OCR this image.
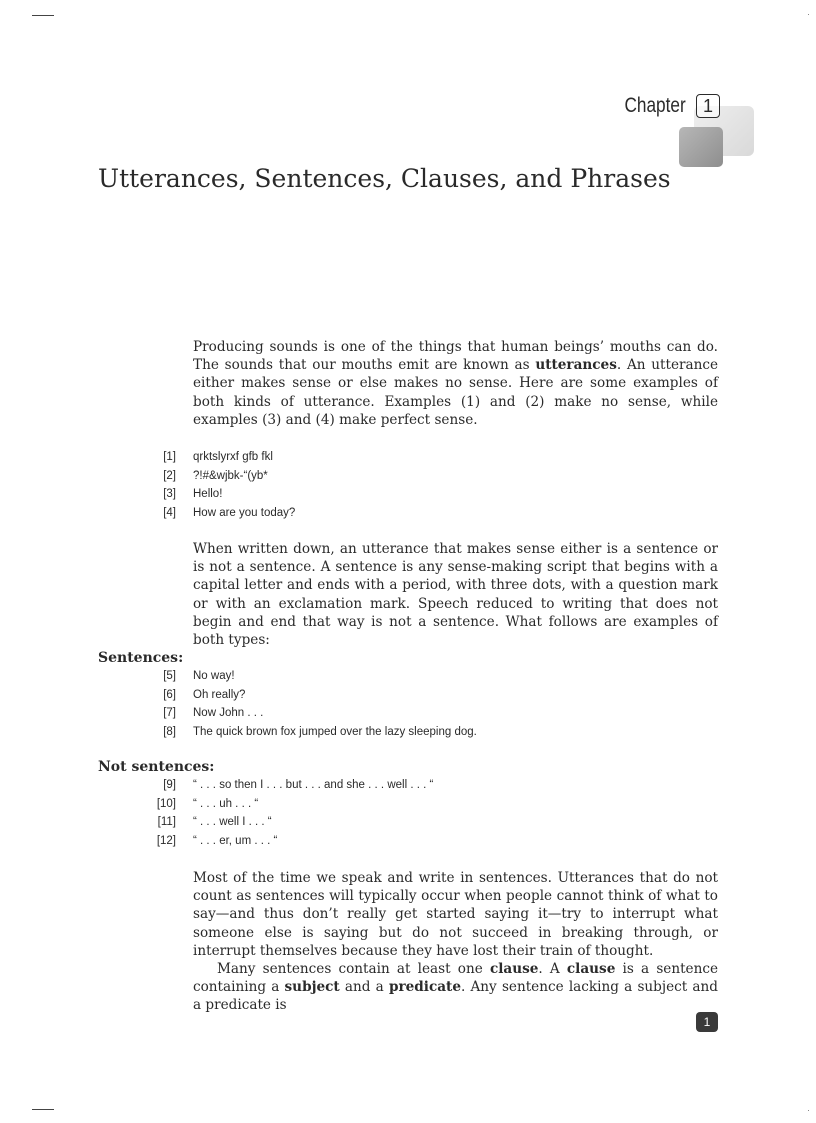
Chapter 1
Utterances, Sentences, Clauses, and Phrases

Producing sounds is one of the things that human beings’ mouths can do. The sounds that our mouths emit are known as utterances. An utterance either makes sense or else makes no sense. Here are some examples of both kinds of utterance. Examples (1) and (2) make no sense, while examples (3) and (4) make perfect sense.

[1] qrktslyrxf gfb fkl
[2] ?!#&wjbk-“(yb*
[3] Hello!
[4] How are you today?

When written down, an utterance that makes sense either is a sentence or is not a sentence. A sentence is any sense-making script that begins with a capital letter and ends with a period, with three dots, with a question mark or with an exclamation mark. Speech reduced to writing that does not begin and end that way is not a sentence. What follows are examples of both types:

Sentences:
[5] No way!
[6] Oh really?
[7] Now John . . .
[8] The quick brown fox jumped over the lazy sleeping dog.
Not sentences:
[9] “ . . . so then I . . . but . . . and she . . . well . . . “
[10] “ . . . uh . . . “
[11] “ . . . well I . . . “
[12] “ . . . er, um . . . “

Most of the time we speak and write in sentences. Utterances that do not count as sentences will typically occur when people cannot think of what to say—and thus don’t really get started saying it—try to interrupt what someone else is saying but do not succeed in breaking through, or interrupt themselves because they have lost their train of thought.

Many sentences contain at least one clause. A clause is a sentence containing a subject and a predicate. Any sentence lacking a subject and a predicate is

1
